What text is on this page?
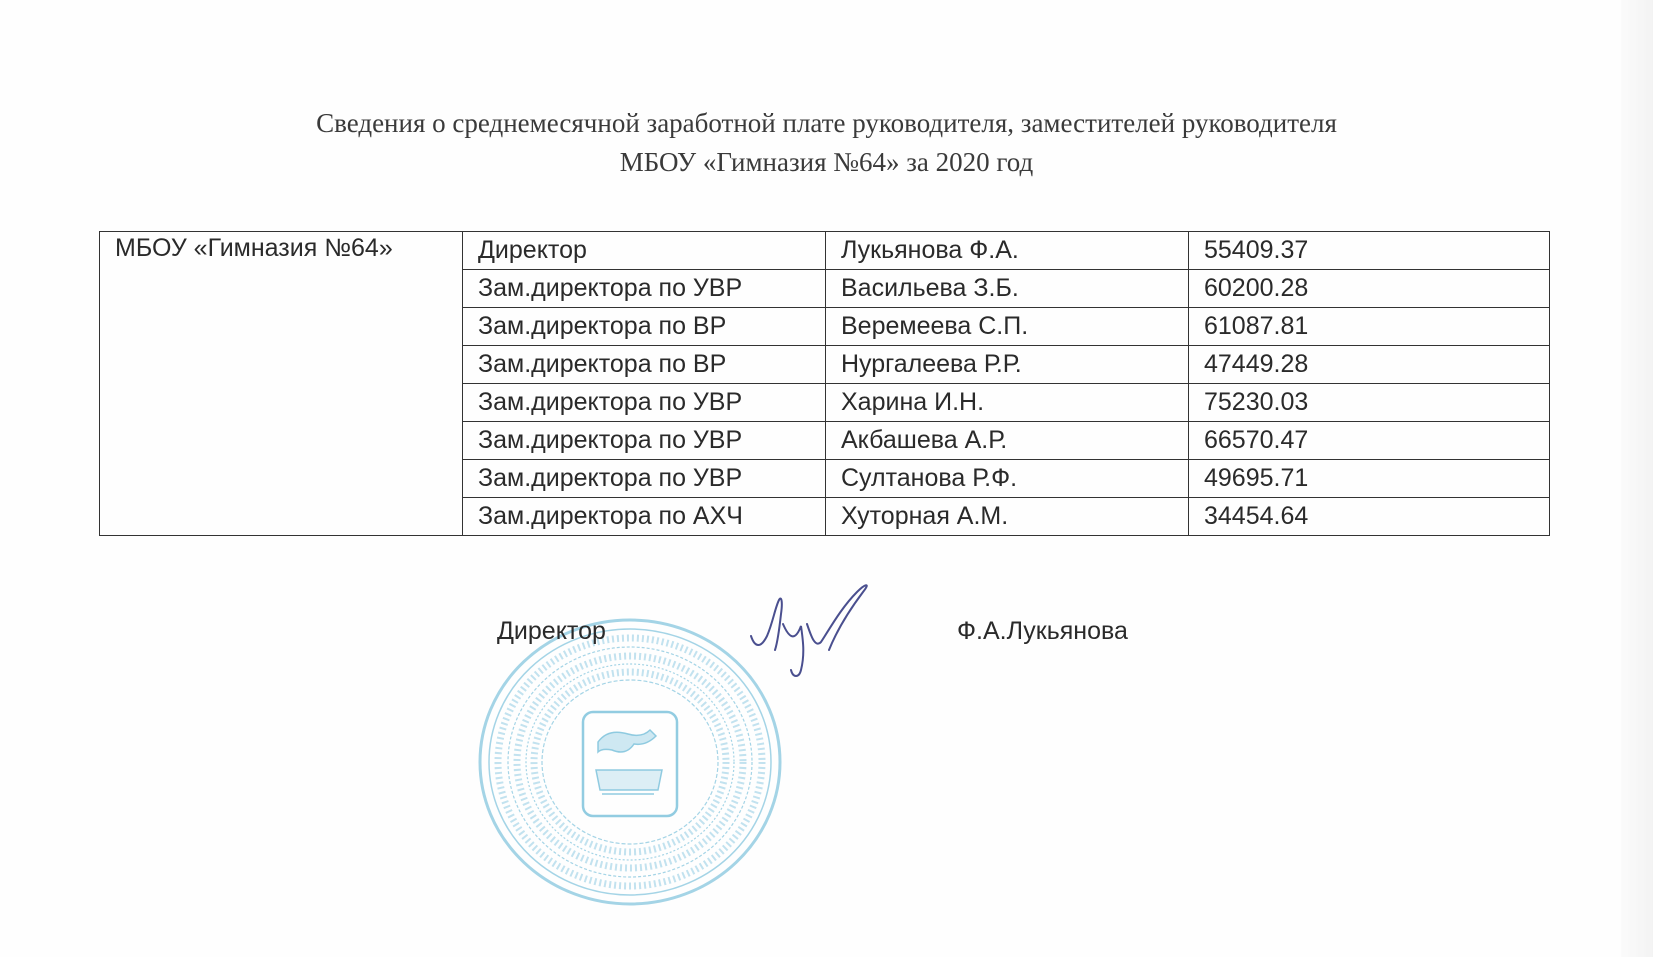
Сведения о среднемесячной заработной плате руководителя, заместителей руководителя
МБОУ «Гимназия №64» за 2020 год
МБОУ «Гимназия №64»	Директор	Лукьянова Ф.А.	55409.37
	Зам.директора по УВР	Васильева З.Б.	60200.28
	Зам.директора по ВР	Веремеева С.П.	61087.81
	Зам.директора по ВР	Нургалеева Р.Р.	47449.28
	Зам.директора по УВР	Харина И.Н.	75230.03
	Зам.директора по УВР	Акбашева А.Р.	66570.47
	Зам.директора по УВР	Султанова Р.Ф.	49695.71
	Зам.директора по АХЧ	Хуторная А.М.	34454.64
Директор	Ф.А.Лукьянова
